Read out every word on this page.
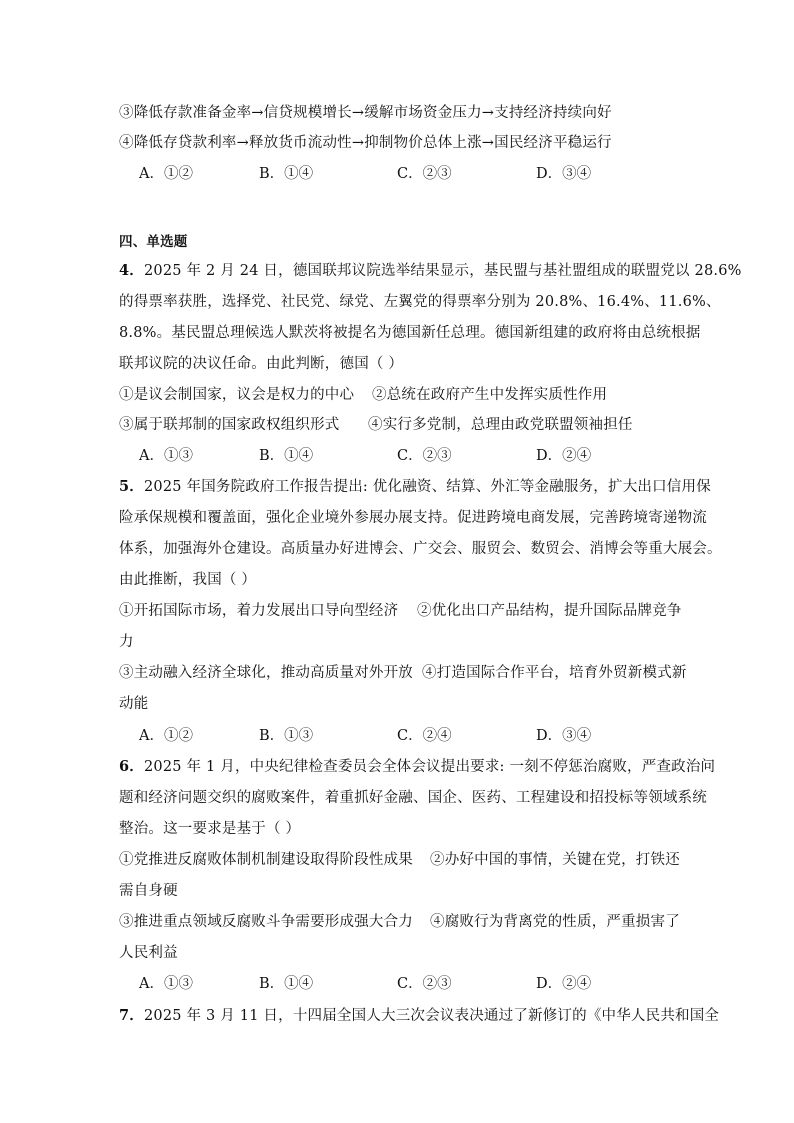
③降低存款准备金率→信贷规模增长→缓解市场资金压力→支持经济持续向好
④降低存贷款利率→释放货币流动性→抑制物价总体上涨→国民经济平稳运行
A．①②	B．①④	C．②③	D．③④
四、单选题
4．2025 年 2 月 24 日，德国联邦议院选举结果显示，基民盟与基社盟组成的联盟党以 28.6%
的得票率获胜，选择党、社民党、绿党、左翼党的得票率分别为 20.8%、16.4%、11.6%、
8.8%。基民盟总理候选人默茨将被提名为德国新任总理。德国新组建的政府将由总统根据
联邦议院的决议任命。由此判断，德国（ ）
①是议会制国家，议会是权力的中心 ②总统在政府产生中发挥实质性作用
③属于联邦制的国家政权组织形式 ④实行多党制，总理由政党联盟领袖担任
A．①③	B．①④	C．②③	D．②④
5．2025 年国务院政府工作报告提出: 优化融资、结算、外汇等金融服务，扩大出口信用保
险承保规模和覆盖面，强化企业境外参展办展支持。促进跨境电商发展，完善跨境寄递物流
体系，加强海外仓建设。高质量办好进博会、广交会、服贸会、数贸会、消博会等重大展会。
由此推断，我国（ ）
①开拓国际市场，着力发展出口导向型经济 ②优化出口产品结构，提升国际品牌竞争
力
③主动融入经济全球化，推动高质量对外开放 ④打造国际合作平台，培育外贸新模式新
动能
A．①②	B．①③	C．②④	D．③④
6．2025 年 1 月，中央纪律检查委员会全体会议提出要求: 一刻不停惩治腐败，严查政治问
题和经济问题交织的腐败案件，着重抓好金融、国企、医药、工程建设和招投标等领域系统
整治。这一要求是基于（ ）
①党推进反腐败体制机制建设取得阶段性成果 ②办好中国的事情，关键在党，打铁还
需自身硬
③推进重点领域反腐败斗争需要形成强大合力 ④腐败行为背离党的性质，严重损害了
人民利益
A．①③	B．①④	C．②③	D．②④
7．2025 年 3 月 11 日，十四届全国人大三次会议表决通过了新修订的《中华人民共和国全
